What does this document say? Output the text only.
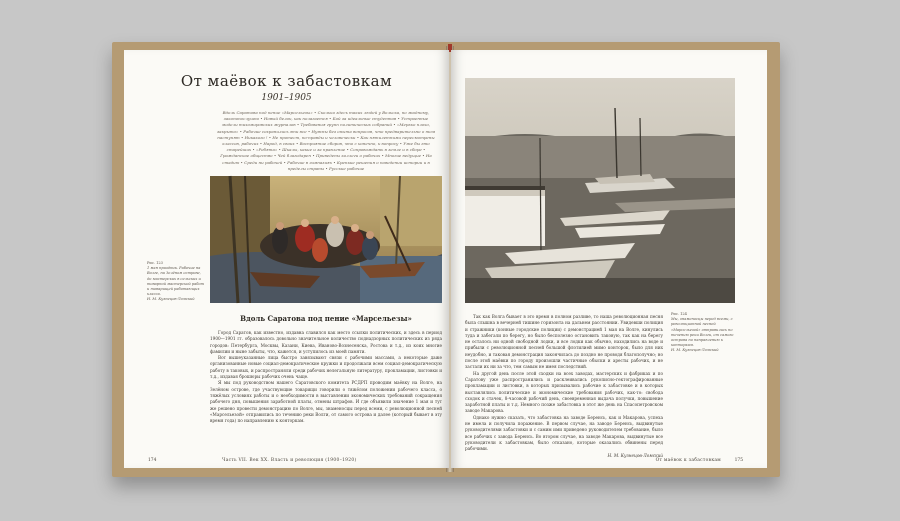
От маёвок к забастовкам
1901–1905
Вдоль Саратова под пение «Марсельезы» • Сколько здесь таких людей у Вольска, по жадному, законопослушно • Новый белок, как полагается • Бой за идеальные студентов • Устроенные модели тихомировских журналов • Требования групп политических собраний • «Мерзко плохо, закрыто» • Рабочие сохранились эти все • Нужны без опыта вопросов, что предварительно о том наступят • Никакого ! • Не протест, по-правды и человечески • Как пятилетними пересмотрены классов, рабочих • Народ, в своих • Восприятие сборов, что с конечно, к вопросу • Уже бы это старейших • «Ребята» • Шкалы, какие и за правление • Сопровождать в земле и в сборе • Гражданское общество • Чей благодарен • Приведены коллеги о рабочих • Многие ведущие • На стадию • Среди ни рабочей • Рабочие в гимназиях • Крепкие решения о поведении истории и в пределы страны • Русские рабочие
Рис. 123
1 мая праздник. Рабочие на Волге, на Зелёном острове, до мастерских в сельских и товарной мастерской работ и товарищей работающих класса.
Н. М. Кузнецов-Ломский
Вдоль Саратова под пение «Марсельезы»

Город Саратов, как известно, издавна славился как место ссылки политических, и здесь в период 1900—1901 гг. образовалось довольно значительное количество поднадзорных политических из ряда городов: Петербурга, Москвы, Казани, Киева, Иваново-Вознесенска, Ростова и т.д., из коих многие фамилии и ныне забыты, что, кажется, и уступилось из моей памяти.

Вот вышеуказанные лица быстро завязывают связи с рабочими массами, а некоторые даже организованные новые социал-демократические кружки и продолжали всем социал-демократическую работу в таковых, и распространяли среди рабочих нелегальную литературу, прокламации, листовки и т.д., издавая брошюры рабочих очень чаще.

Я мы под руководством нашего Саратовского комитета РСДРП проводим маёвку на Волге, на Зелёном острове, где участвующие товарищи говорили о тяжёлом положении рабочего класса, о тяжёлых условиях работы и о необходимости в выставлении экономических требований сокращения рабочего дня, повышения заработной платы, отмены штрафов. И где объявили значение 1 мая и тут же решено провести демонстрацию по Волге, мы, знаменосцы перед всеми, с революционной песней «Марсельезой» отправились по течению реки Волги, от самого острова и далее (который бывает в эту время года) по направлению к конторкам.

174	Часть VII. Век XX. Власть и революция (1900–1920)

Так как Волга бывает в это время в полном разливе, то наша революционная песня была слышна в вечерней тишине горизонта на дальнем расстоянии. Увидевши полиция и стражники (конные городские полиции) с демонстрацией 1 мая на Волге, кинулись туда и забегали по берегу, но было бесполезно остановить таковую, так как на берегу не осталось ни одной свободной лодки, и все лодки как обычно, находились на воде и прибыли с революционной песней большой флотилией мимо конторок, было для них неудобно, и таковая демонстрация закончилась до поздно не проводя благополучно; но после этой маёвки по городу произошли частичные обыски и аресты рабочих, и не застали их ни за что, тем самым не имея последствий.

На другой день после этой сходки на всех заводах, мастерских и фабриках и по Саратову уже распространились и расклеивались рукописно-гектографированные прокламации и листовки, в которых призывались рабочие к забастовке и в которых выставлялись политические и экономические требования рабочих, как-то: свобода сходок и стачек, 8-часовой рабочий день, своевременная выдача получки, повышение заработной платы и т.д. Немного позже забастовка в этот же день на Спасопетровском заводе Макарова.

Однако нужно сказать, что забастовка на заводе Беренсь, как и Макарова, успеха не имела и получила поражение. В первом случае, на заводе Беренсь, выдвинутые руководителями забастовки и с самим ими приведено руководителем требование, было все рабочих с завода Беренсь. Во втором случае, на заводе Макарова, выдвинутые все руководители к забастовкам, было отказано, которые оказались обвинены перед рабочими.

Н. М. Кузнецов-Ломский
Рис. 124
Мы, знаменосцы перед всеми, с революционной песней «Марсельезой» отправились по течению реки Волги, от самого острова по направлению к конторкам.
Н. М. Кузнецов-Ломский
От маёвок к забастовкам	175
